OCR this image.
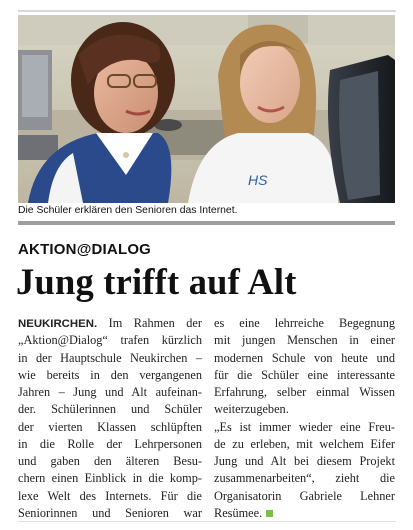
HS
Die Schüler erklären den Senioren das Internet.
AKTION@DIALOG
Jung trifft auf Alt
NEUKIRCHEN. Im Rahmen der
„Aktion@Dialog“ trafen kürzlich
in der Hauptschule Neukirchen –
wie bereits in den vergangenen
Jahren – Jung und Alt aufeinan-
der. Schülerinnen und Schüler
der vierten Klassen schlüpften
in die Rolle der Lehrpersonen
und gaben den älteren Besu-
chern einen Einblick in die komp-
lexe Welt des Internets. Für die
Seniorinnen und Senioren war
es eine lehrreiche Begegnung
mit jungen Menschen in einer
modernen Schule von heute und
für die Schüler eine interessante
Erfahrung, selber einmal Wissen
weiterzugeben.
„Es ist immer wieder eine Freu-
de zu erleben, mit welchem Eifer
Jung und Alt bei diesem Projekt
zusammenarbeiten“, zieht die
Organisatorin Gabriele Lehner
Resümee.
